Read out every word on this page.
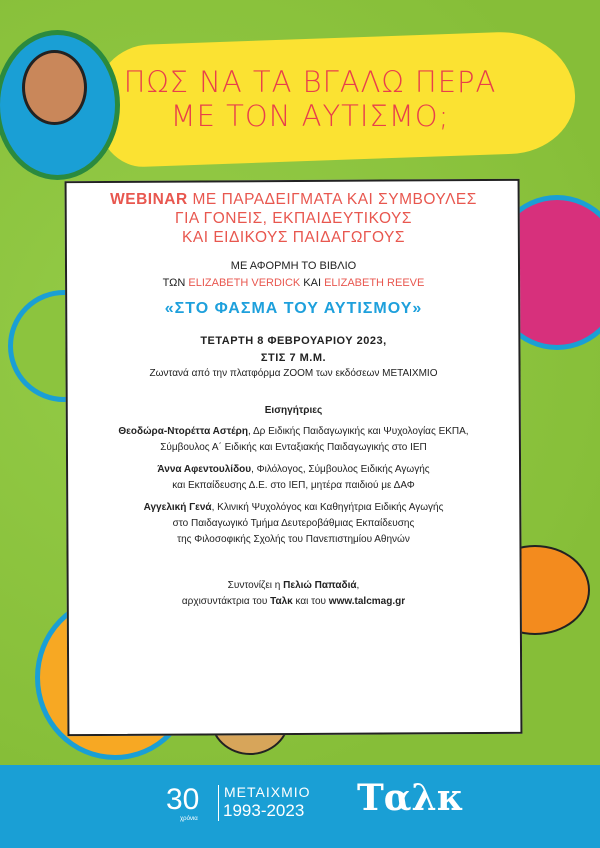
ΠΩΣ ΝΑ ΤΑ ΒΓΑΛΩ ΠΕΡΑ
ΜΕ ΤΟΝ ΑΥΤΙΣΜΟ;
WEBINAR ΜΕ ΠΑΡΑΔΕΙΓΜΑΤΑ ΚΑΙ ΣΥΜΒΟΥΛΕΣ
ΓΙΑ ΓΟΝΕΙΣ, ΕΚΠΑΙΔΕΥΤΙΚΟΥΣ
ΚΑΙ ΕΙΔΙΚΟΥΣ ΠΑΙΔΑΓΩΓΟΥΣ
ΜΕ ΑΦΟΡΜΗ ΤΟ ΒΙΒΛΙΟ
ΤΩΝ ELIZABETH VERDICK ΚΑΙ ELIZABETH REEVE
«ΣΤΟ ΦΑΣΜΑ ΤΟΥ ΑΥΤΙΣΜΟΥ»
ΤΕΤΑΡΤΗ 8 ΦΕΒΡΟΥΑΡΙΟΥ 2023,
ΣΤΙΣ 7 Μ.Μ.
Ζωντανά από την πλατφόρμα ZOOM των εκδόσεων ΜΕΤΑΙΧΜΙΟ
Εισηγήτριες
Θεοδώρα-Ντορέττα Αστέρη, Δρ Ειδικής Παιδαγωγικής και Ψυχολογίας ΕΚΠΑ,
Σύμβουλος Α΄ Ειδικής και Ενταξιακής Παιδαγωγικής στο ΙΕΠ
Άννα Αφεντουλίδου, Φιλόλογος, Σύμβουλος Ειδικής Αγωγής
και Εκπαίδευσης Δ.Ε. στο ΙΕΠ, μητέρα παιδιού με ΔΑΦ
Αγγελική Γενά, Κλινική Ψυχολόγος και Καθηγήτρια Ειδικής Αγωγής
στο Παιδαγωγικό Τμήμα Δευτεροβάθμιας Εκπαίδευσης
της Φιλοσοφικής Σχολής του Πανεπιστημίου Αθηνών
Συντονίζει η Πελιώ Παπαδιά,
αρχισυντάκτρια του Ταλκ και του www.talcmag.gr
30
χρόνια
ΜΕΤΑΙΧΜΙΟ
1993-2023 Ταλκ
